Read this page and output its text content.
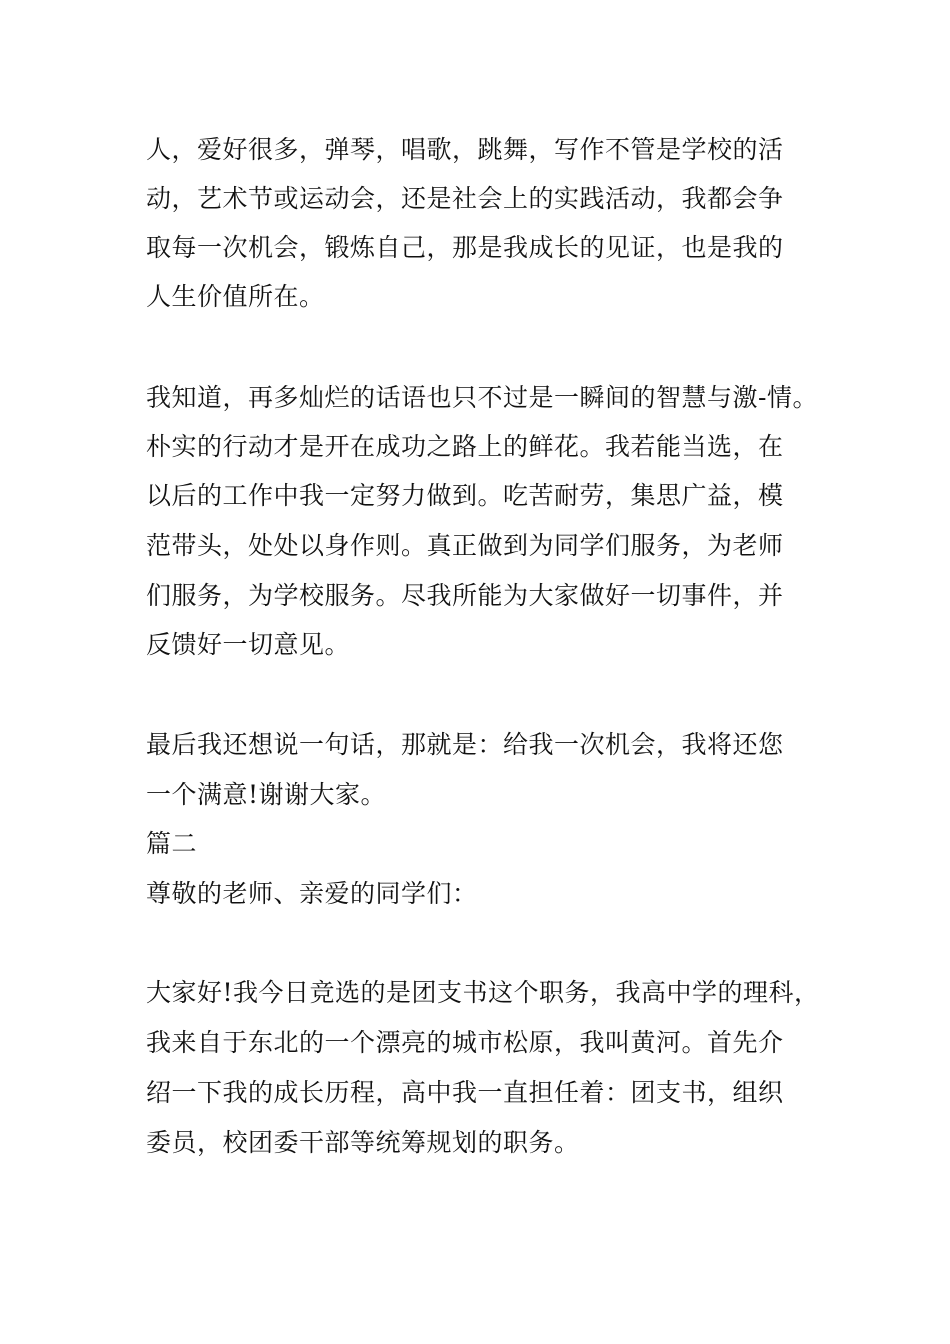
人，爱好很多，弹琴，唱歌，跳舞，写作不管是学校的活
动，艺术节或运动会，还是社会上的实践活动，我都会争
取每一次机会，锻炼自己，那是我成长的见证，也是我的
人生价值所在。
我知道，再多灿烂的话语也只不过是一瞬间的智慧与激-情。
朴实的行动才是开在成功之路上的鲜花。我若能当选，在
以后的工作中我一定努力做到。吃苦耐劳，集思广益，模
范带头，处处以身作则。真正做到为同学们服务，为老师
们服务，为学校服务。尽我所能为大家做好一切事件，并
反馈好一切意见。
最后我还想说一句话，那就是：给我一次机会，我将还您
一个满意!谢谢大家。
篇二
尊敬的老师、亲爱的同学们：
大家好!我今日竞选的是团支书这个职务，我高中学的理科，
我来自于东北的一个漂亮的城市松原，我叫黄河。首先介
绍一下我的成长历程，高中我一直担任着：团支书，组织
委员，校团委干部等统筹规划的职务。
